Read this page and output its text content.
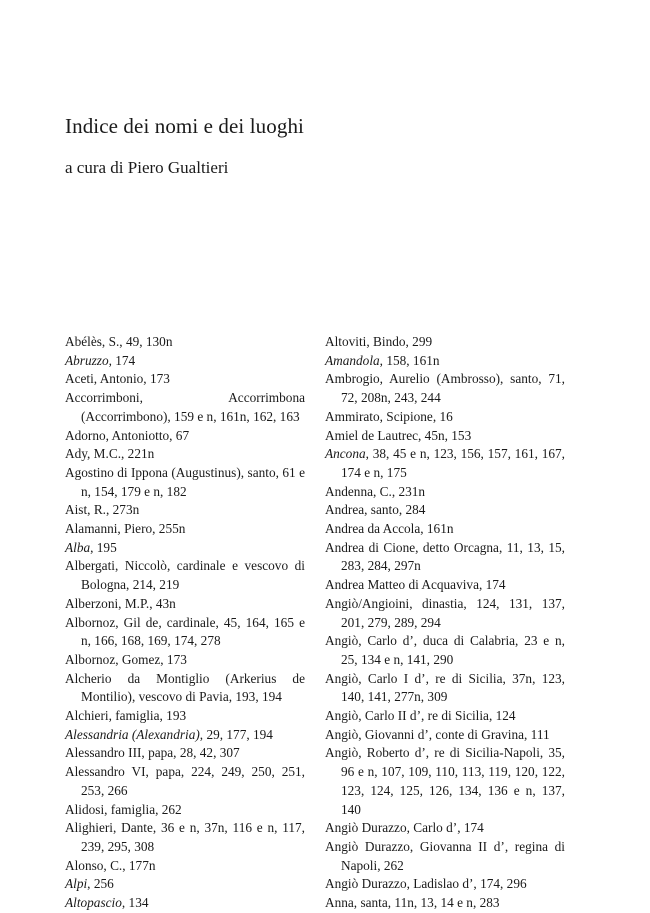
Indice dei nomi e dei luoghi

a cura di Piero Gualtieri

Abélès, S., 49, 130n

Abruzzo, 174

Aceti, Antonio, 173

Accorrimboni, Accorrimbona (Accorrimbono), 159 e n, 161n, 162, 163

Adorno, Antoniotto, 67

Ady, M.C., 221n

Agostino di Ippona (Augustinus), santo, 61 e n, 154, 179 e n, 182

Aist, R., 273n

Alamanni, Piero, 255n

Alba, 195

Albergati, Niccolò, cardinale e vescovo di Bologna, 214, 219

Alberzoni, M.P., 43n

Albornoz, Gil de, cardinale, 45, 164, 165 e n, 166, 168, 169, 174, 278

Albornoz, Gomez, 173

Alcherio da Montiglio (Arkerius de Montilio), vescovo di Pavia, 193, 194

Alchieri, famiglia, 193

Alessandria (Alexandria), 29, 177, 194

Alessandro III, papa, 28, 42, 307

Alessandro VI, papa, 224, 249, 250, 251, 253, 266

Alidosi, famiglia, 262

Alighieri, Dante, 36 e n, 37n, 116 e n, 117, 239, 295, 308

Alonso, C., 177n

Alpi, 256

Altopascio, 134

Altoviti, Bindo, 299

Amandola, 158, 161n

Ambrogio, Aurelio (Ambrosso), santo, 71, 72, 208n, 243, 244

Ammirato, Scipione, 16

Amiel de Lautrec, 45n, 153

Ancona, 38, 45 e n, 123, 156, 157, 161, 167, 174 e n, 175

Andenna, C., 231n

Andrea, santo, 284

Andrea da Accola, 161n

Andrea di Cione, detto Orcagna, 11, 13, 15, 283, 284, 297n

Andrea Matteo di Acquaviva, 174

Angiò/Angioini, dinastia, 124, 131, 137, 201, 279, 289, 294

Angiò, Carlo d’, duca di Calabria, 23 e n, 25, 134 e n, 141, 290

Angiò, Carlo I d’, re di Sicilia, 37n, 123, 140, 141, 277n, 309

Angiò, Carlo II d’, re di Sicilia, 124

Angiò, Giovanni d’, conte di Gravina, 111

Angiò, Roberto d’, re di Sicilia-Napoli, 35, 96 e n, 107, 109, 110, 113, 119, 120, 122, 123, 124, 125, 126, 134, 136 e n, 137, 140

Angiò Durazzo, Carlo d’, 174

Angiò Durazzo, Giovanna II d’, regina di Napoli, 262

Angiò Durazzo, Ladislao d’, 174, 296

Anna, santa, 11n, 13, 14 e n, 283
